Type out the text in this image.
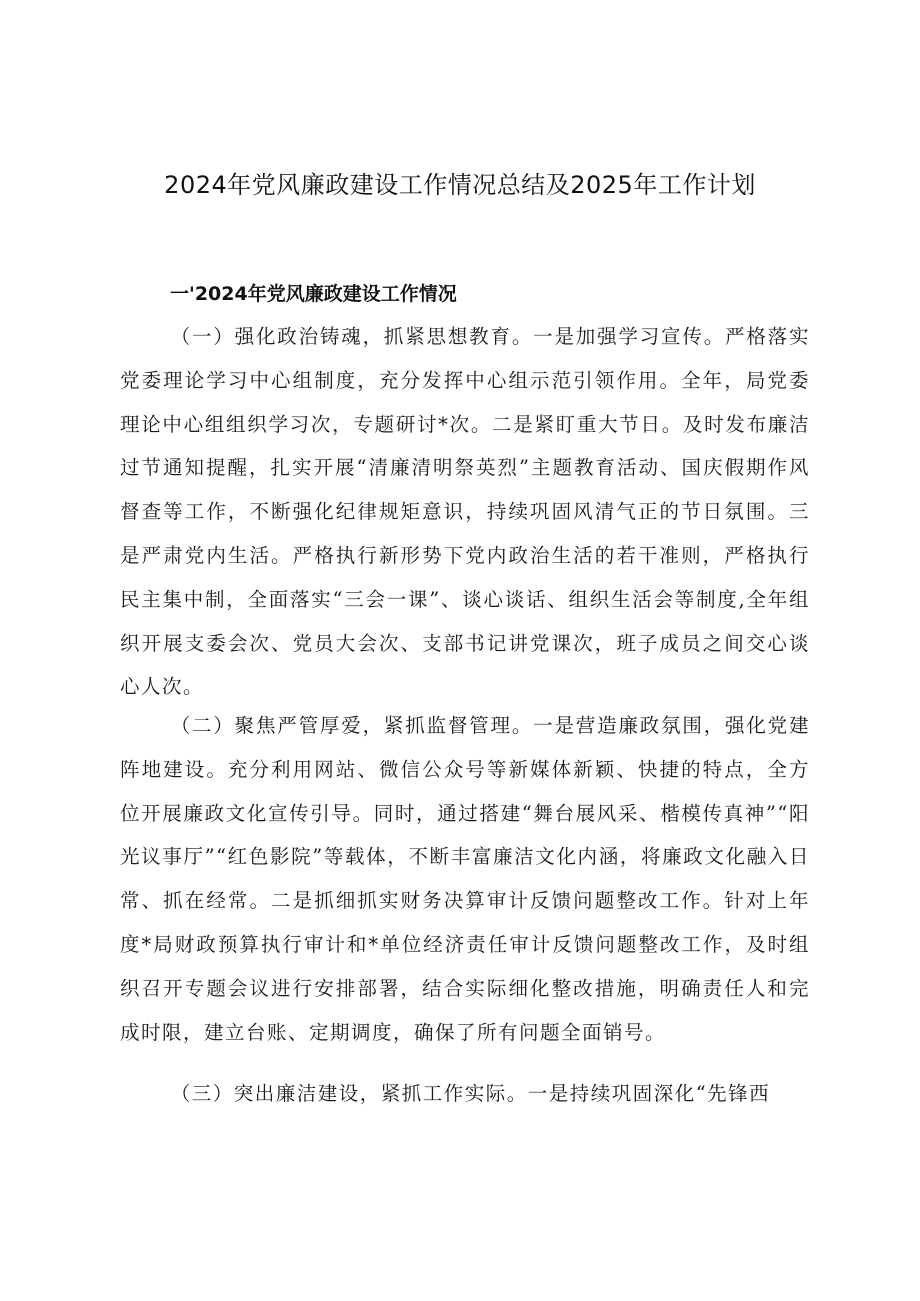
2024年党风廉政建设工作情况总结及2025年工作计划
一'2024年党风廉政建设工作情况

（一）强化政治铸魂，抓紧思想教育。一是加强学习宣传。严格落实党委理论学习中心组制度，充分发挥中心组示范引领作用。全年，局党委理论中心组组织学习次，专题研讨*次。二是紧盯重大节日。及时发布廉洁过节通知提醒，扎实开展“清廉清明祭英烈”主题教育活动、国庆假期作风督查等工作，不断强化纪律规矩意识，持续巩固风清气正的节日氛围。三是严肃党内生活。严格执行新形势下党内政治生活的若干准则，严格执行民主集中制，全面落实“三会一课”、谈心谈话、组织生活会等制度,全年组织开展支委会次、党员大会次、支部书记讲党课次，班子成员之间交心谈心人次。

（二）聚焦严管厚爱，紧抓监督管理。一是营造廉政氛围，强化党建阵地建设。充分利用网站、微信公众号等新媒体新颖、快捷的特点，全方位开展廉政文化宣传引导。同时，通过搭建“舞台展风采、楷模传真神”“阳光议事厅”“红色影院”等载体，不断丰富廉洁文化内涵，将廉政文化融入日常、抓在经常。二是抓细抓实财务决算审计反馈问题整改工作。针对上年度*局财政预算执行审计和*单位经济责任审计反馈问题整改工作，及时组织召开专题会议进行安排部署，结合实际细化整改措施，明确责任人和完成时限，建立台账、定期调度，确保了所有问题全面销号。

（三）突出廉洁建设，紧抓工作实际。一是持续巩固深化“先锋西
